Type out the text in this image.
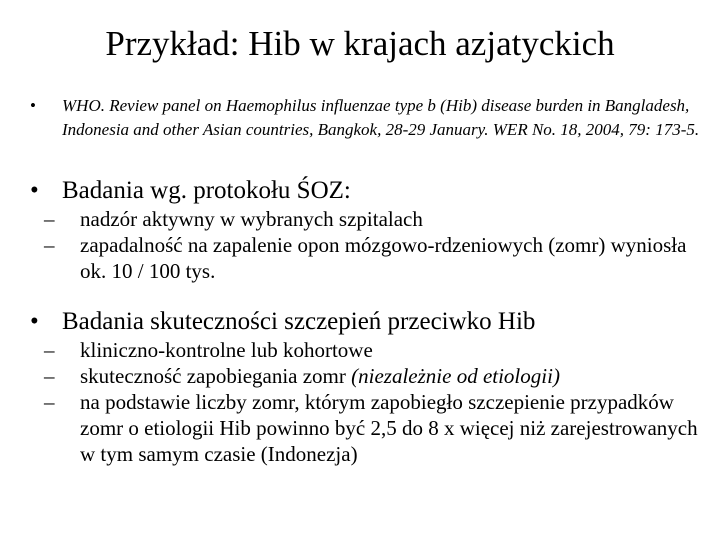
Przykład: Hib w krajach azjatyckich
• WHO. Review panel on Haemophilus influenzae type b (Hib) disease burden in Bangladesh, Indonesia and other Asian countries, Bangkok, 28-29 January. WER No. 18, 2004, 79: 173-5.
• Badania wg. protokołu ŚOZ:
– nadzór aktywny w wybranych szpitalach
– zapadalność na zapalenie opon mózgowo-rdzeniowych (zomr) wyniosła ok. 10 / 100 tys.
• Badania skuteczności szczepień przeciwko Hib
– kliniczno-kontrolne lub kohortowe
– skuteczność zapobiegania zomr (niezależnie od etiologii)
– na podstawie liczby zomr, którym zapobiegło szczepienie przypadków zomr o etiologii Hib powinno być 2,5 do 8 x więcej niż zarejestrowanych w tym samym czasie (Indonezja)
